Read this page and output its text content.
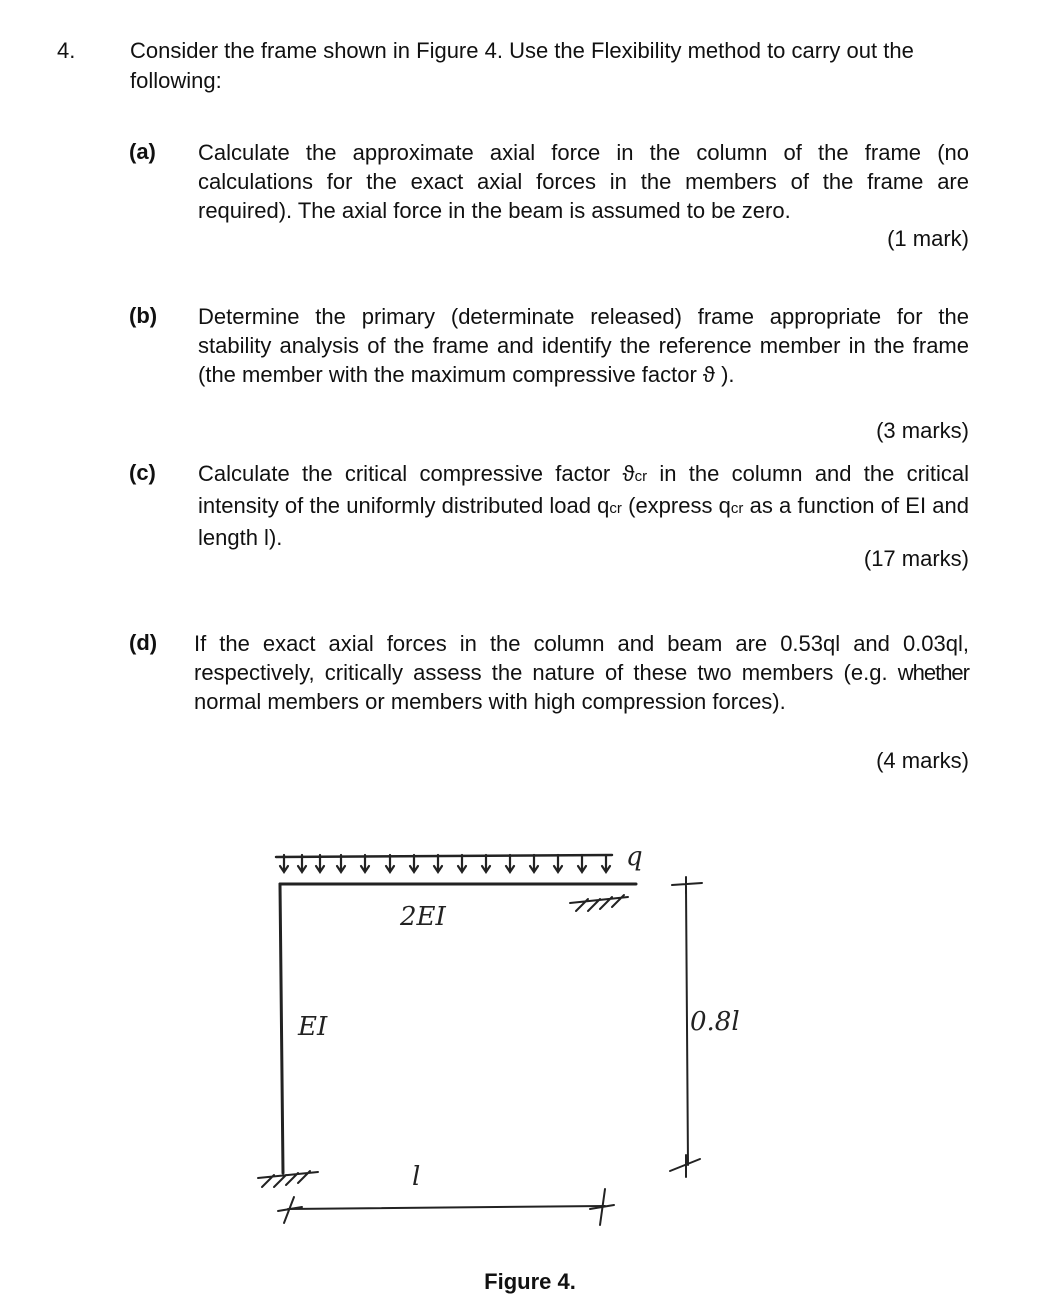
4. Consider the frame shown in Figure 4. Use the Flexibility method to carry out the following:
(a) Calculate the approximate axial force in the column of the frame (no calculations for the exact axial forces in the members of the frame are required). The axial force in the beam is assumed to be zero.
(1 mark)
(b) Determine the primary (determinate released) frame appropriate for the stability analysis of the frame and identify the reference member in the frame (the member with the maximum compressive factor ϑ ).
(3 marks)
(c) Calculate the critical compressive factor ϑcr in the column and the critical intensity of the uniformly distributed load qcr (express qcr as a function of EI and length l).
(17 marks)
(d) If the exact axial forces in the column and beam are 0.53ql and 0.03ql, respectively, critically assess the nature of these two members (e.g. whether normal members or members with high compression forces).
(4 marks)
q
2EI
EI	0.8l
l
Figure 4.
